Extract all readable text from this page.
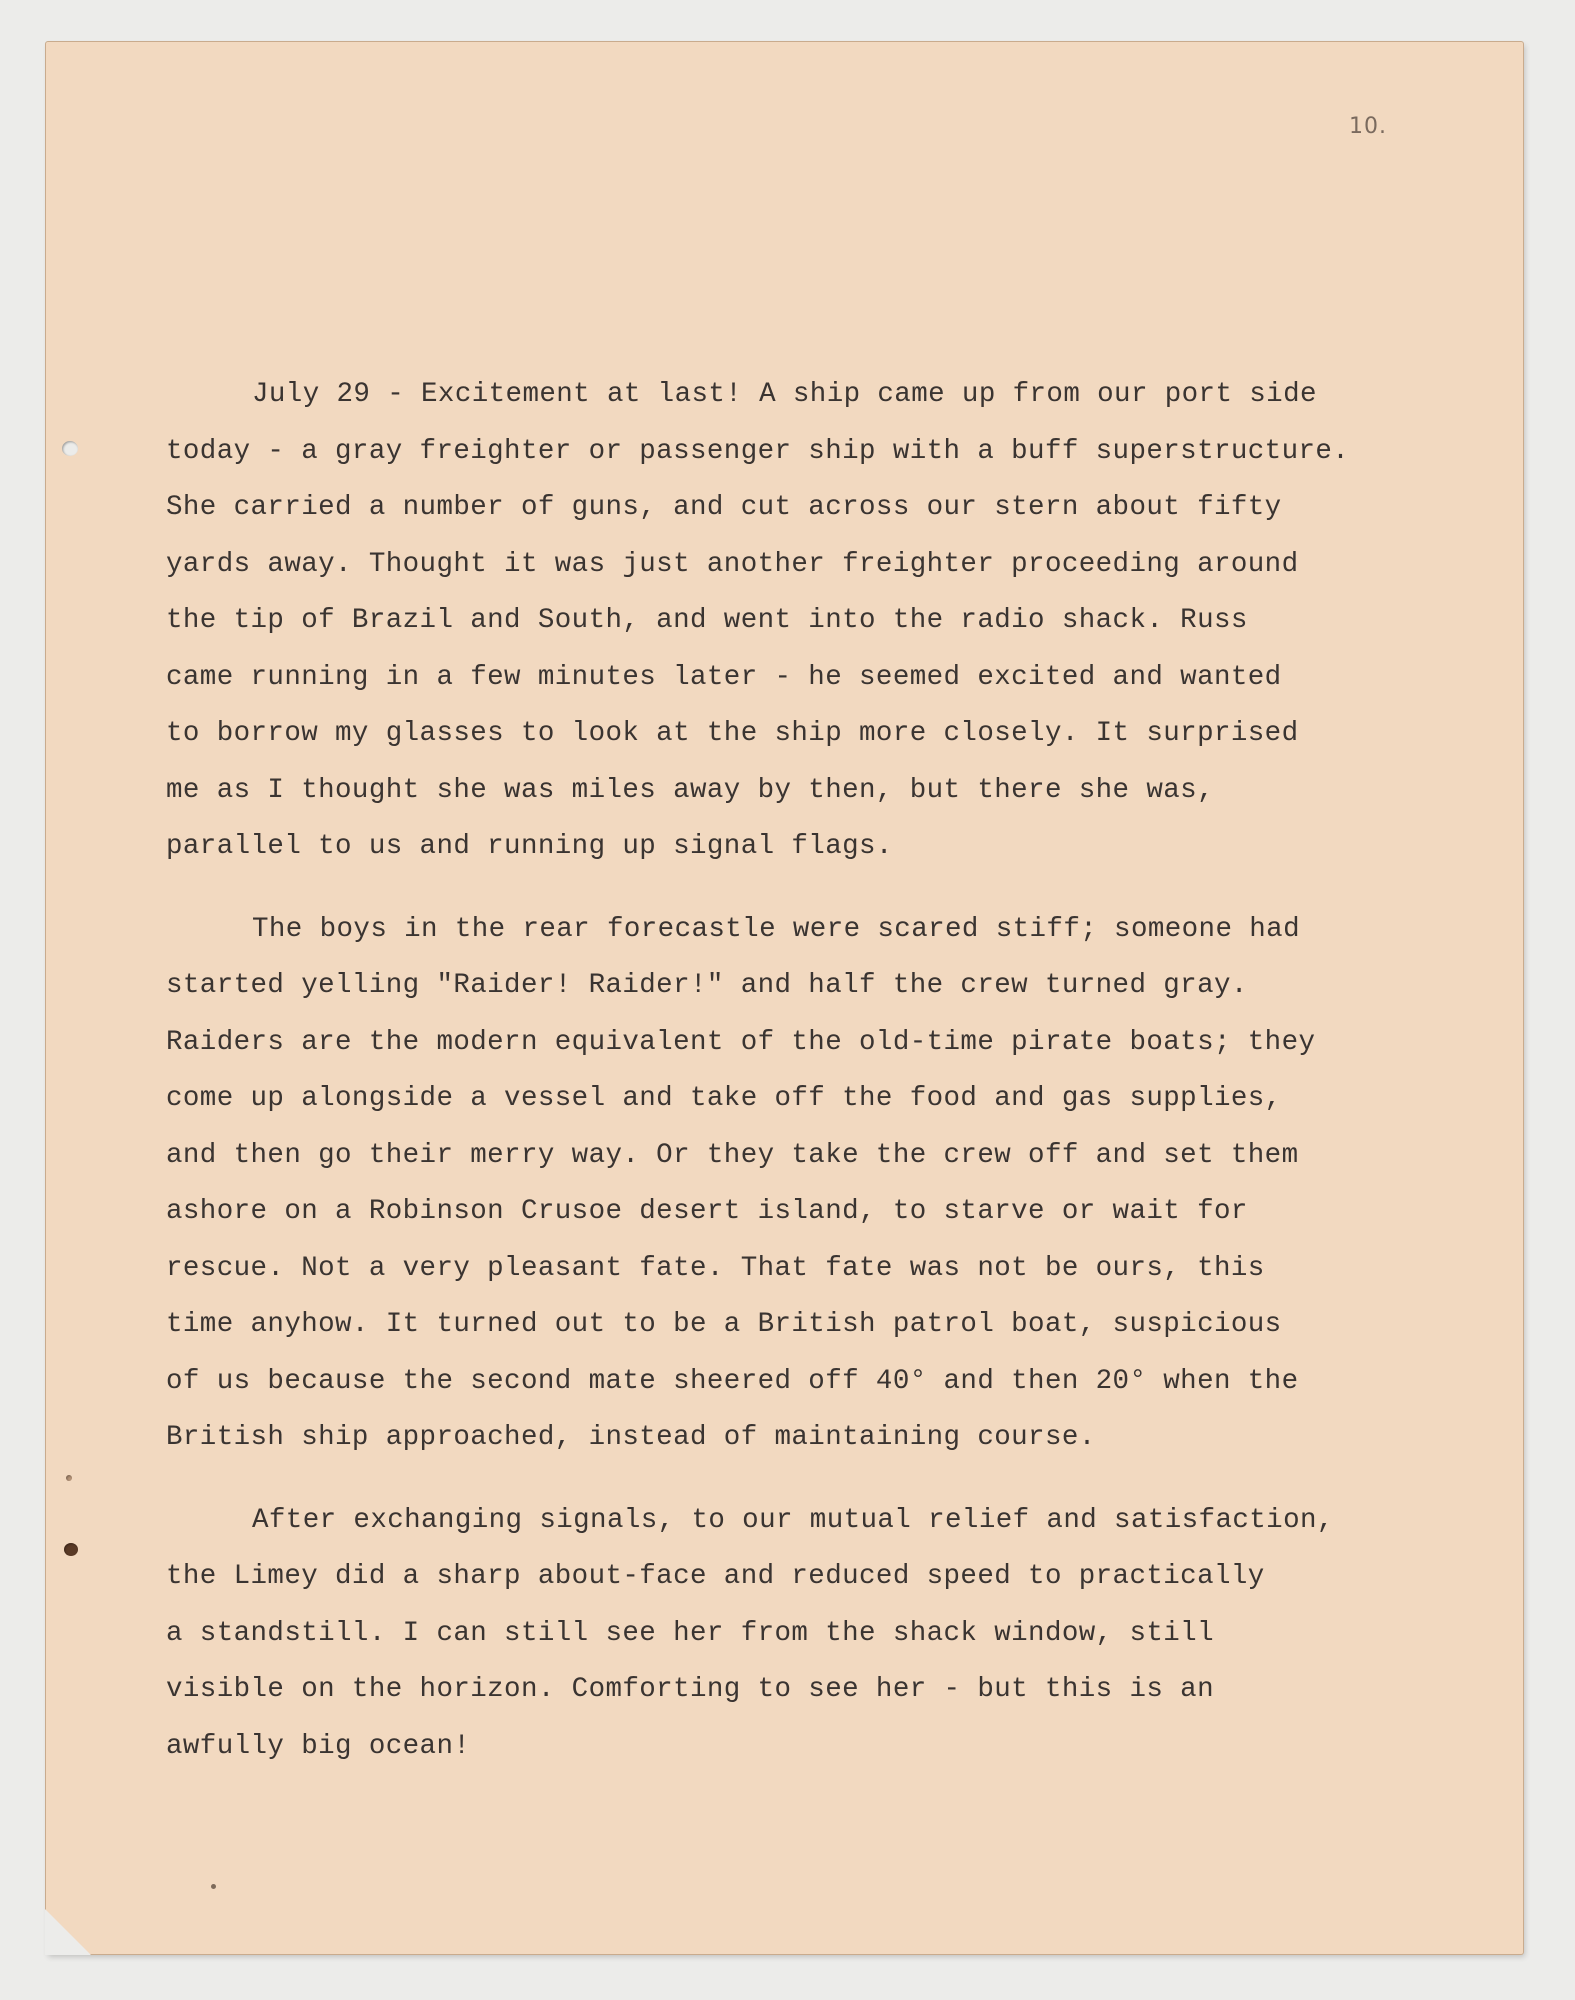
10.

July 29 - Excitement at last! A ship came up from our port side
today - a gray freighter or passenger ship with a buff superstructure.
She carried a number of guns, and cut across our stern about fifty
yards away. Thought it was just another freighter proceeding around
the tip of Brazil and South, and went into the radio shack. Russ
came running in a few minutes later - he seemed excited and wanted
to borrow my glasses to look at the ship more closely. It surprised
me as I thought she was miles away by then, but there she was,
parallel to us and running up signal flags.

The boys in the rear forecastle were scared stiff; someone had
started yelling "Raider! Raider!" and half the crew turned gray.
Raiders are the modern equivalent of the old-time pirate boats; they
come up alongside a vessel and take off the food and gas supplies,
and then go their merry way. Or they take the crew off and set them
ashore on a Robinson Crusoe desert island, to starve or wait for
rescue. Not a very pleasant fate. That fate was not be ours, this
time anyhow. It turned out to be a British patrol boat, suspicious
of us because the second mate sheered off 40° and then 20° when the
British ship approached, instead of maintaining course.

After exchanging signals, to our mutual relief and satisfaction,
the Limey did a sharp about-face and reduced speed to practically
a standstill. I can still see her from the shack window, still
visible on the horizon. Comforting to see her - but this is an
awfully big ocean!
